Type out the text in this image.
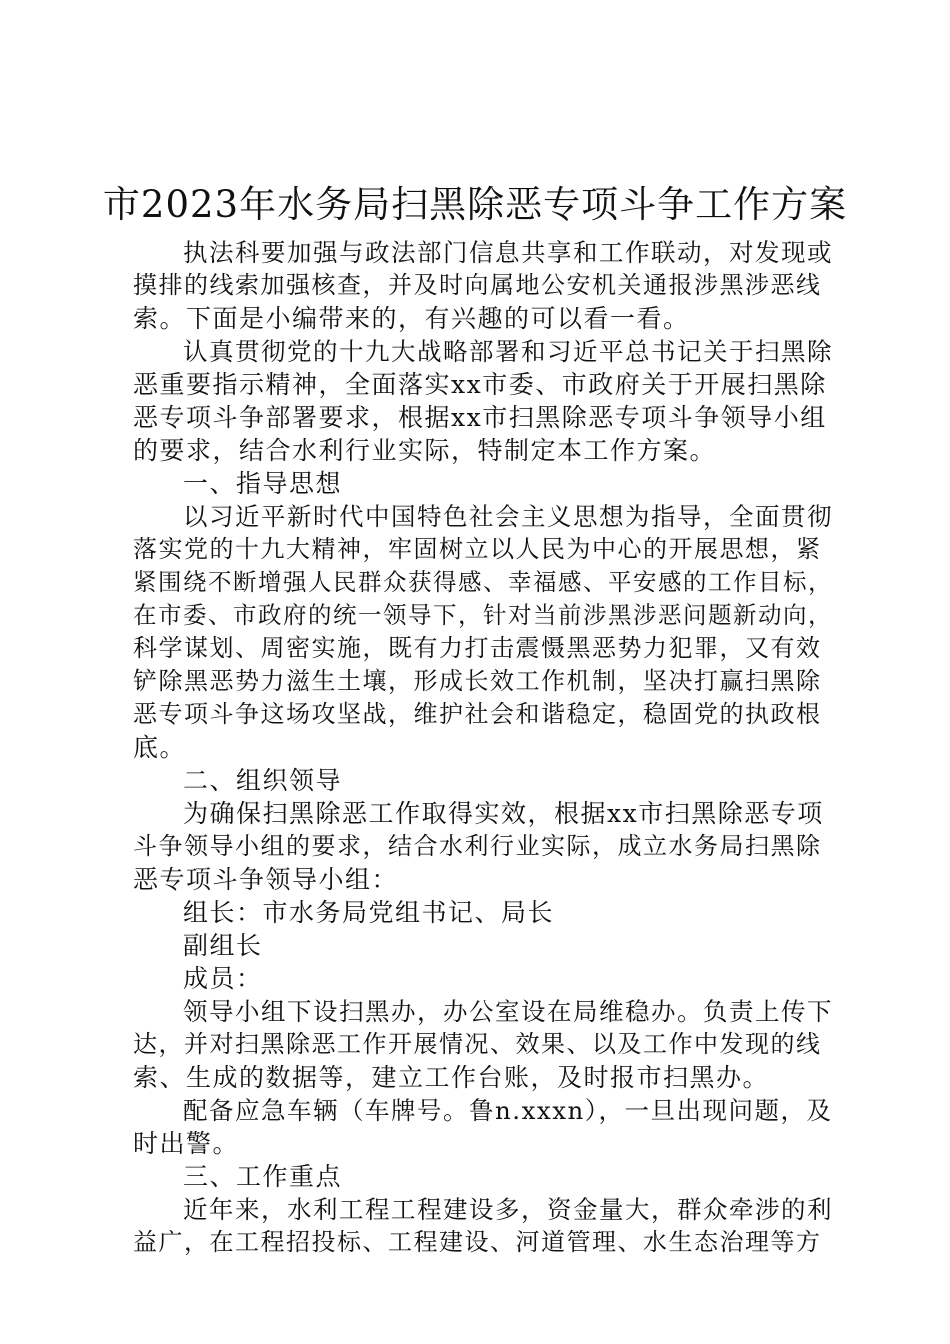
市2023年水务局扫黑除恶专项斗争工作方案
执法科要加强与政法部门信息共享和工作联动，对发现或
摸排的线索加强核查，并及时向属地公安机关通报涉黑涉恶线
索。下面是小编带来的，有兴趣的可以看一看。
认真贯彻党的十九大战略部署和习近平总书记关于扫黑除
恶重要指示精神，全面落实xx市委、市政府关于开展扫黑除
恶专项斗争部署要求，根据xx市扫黑除恶专项斗争领导小组
的要求，结合水利行业实际，特制定本工作方案。
一、指导思想
以习近平新时代中国特色社会主义思想为指导，全面贯彻
落实党的十九大精神，牢固树立以人民为中心的开展思想，紧
紧围绕不断增强人民群众获得感、幸福感、平安感的工作目标，
在市委、市政府的统一领导下，针对当前涉黑涉恶问题新动向，
科学谋划、周密实施，既有力打击震慑黑恶势力犯罪，又有效
铲除黑恶势力滋生土壤，形成长效工作机制，坚决打赢扫黑除
恶专项斗争这场攻坚战，维护社会和谐稳定，稳固党的执政根
底。
二、组织领导
为确保扫黑除恶工作取得实效，根据xx市扫黑除恶专项
斗争领导小组的要求，结合水利行业实际，成立水务局扫黑除
恶专项斗争领导小组：
组长：市水务局党组书记、局长
副组长
成员：
领导小组下设扫黑办，办公室设在局维稳办。负责上传下
达，并对扫黑除恶工作开展情况、效果、以及工作中发现的线
索、生成的数据等，建立工作台账，及时报市扫黑办。
配备应急车辆（车牌号。鲁n.xxxn），一旦出现问题，及
时出警。
三、工作重点
近年来，水利工程工程建设多，资金量大，群众牵涉的利
益广，在工程招投标、工程建设、河道管理、水生态治理等方
